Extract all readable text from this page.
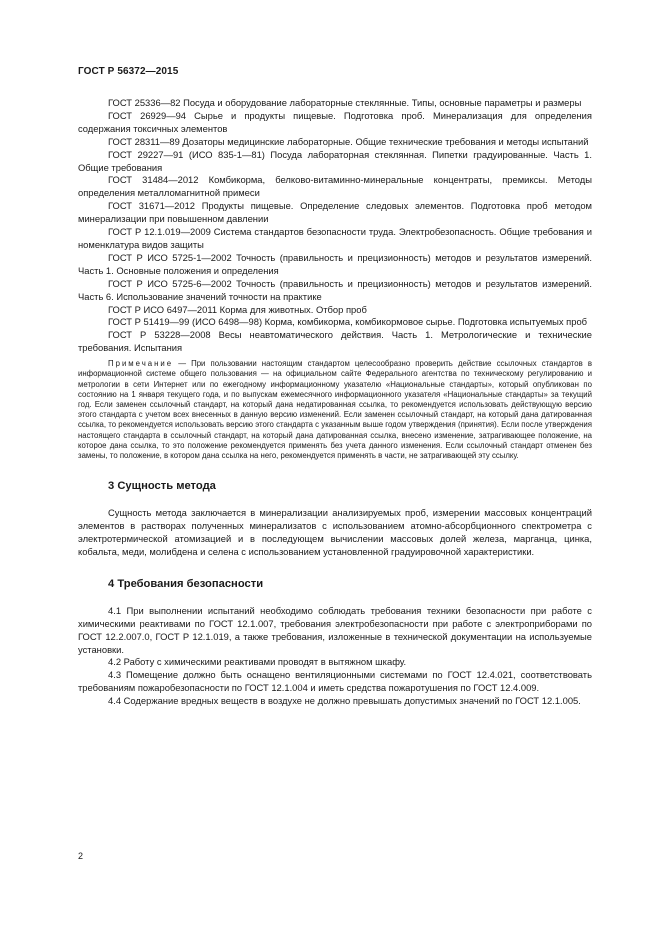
ГОСТ Р 56372—2015

ГОСТ 25336—82 Посуда и оборудование лабораторные стеклянные. Типы, основные параметры и размеры

ГОСТ 26929—94 Сырье и продукты пищевые. Подготовка проб. Минерализация для определения содержания токсичных элементов

ГОСТ 28311—89 Дозаторы медицинские лабораторные. Общие технические требования и методы испытаний

ГОСТ 29227—91 (ИСО 835-1—81) Посуда лабораторная стеклянная. Пипетки градуированные. Часть 1. Общие требования

ГОСТ 31484—2012 Комбикорма, белково-витаминно-минеральные концентраты, премиксы. Методы определения металломагнитной примеси

ГОСТ 31671—2012 Продукты пищевые. Определение следовых элементов. Подготовка проб методом минерализации при повышенном давлении

ГОСТ Р 12.1.019—2009 Система стандартов безопасности труда. Электробезопасность. Общие требования и номенклатура видов защиты

ГОСТ Р ИСО 5725-1—2002 Точность (правильность и прецизионность) методов и результатов измерений. Часть 1. Основные положения и определения

ГОСТ Р ИСО 5725-6—2002 Точность (правильность и прецизионность) методов и результатов измерений. Часть 6. Использование значений точности на практике

ГОСТ Р ИСО 6497—2011 Корма для животных. Отбор проб

ГОСТ Р 51419—99 (ИСО 6498—98) Корма, комбикорма, комбикормовое сырье. Подготовка испытуемых проб

ГОСТ Р 53228—2008 Весы неавтоматического действия. Часть 1. Метрологические и технические требования. Испытания

Примечание — При пользовании настоящим стандартом целесообразно проверить действие ссылочных стандартов в информационной системе общего пользования — на официальном сайте Федерального агентства по техническому регулированию и метрологии в сети Интернет или по ежегодному информационному указателю «Национальные стандарты», который опубликован по состоянию на 1 января текущего года, и по выпускам ежемесячного информационного указателя «Национальные стандарты» за текущий год. Если заменен ссылочный стандарт, на который дана недатированная ссылка, то рекомендуется использовать действующую версию этого стандарта с учетом всех внесенных в данную версию изменений. Если заменен ссылочный стандарт, на который дана датированная ссылка, то рекомендуется использовать версию этого стандарта с указанным выше годом утверждения (принятия). Если после утверждения настоящего стандарта в ссылочный стандарт, на который дана датированная ссылка, внесено изменение, затрагивающее положение, на которое дана ссылка, то это положение рекомендуется применять без учета данного изменения. Если ссылочный стандарт отменен без замены, то положение, в котором дана ссылка на него, рекомендуется применять в части, не затрагивающей эту ссылку.

3 Сущность метода

Сущность метода заключается в минерализации анализируемых проб, измерении массовых концентраций элементов в растворах полученных минерализатов с использованием атомно-абсорбционного спектрометра с электротермической атомизацией и в последующем вычислении массовых долей железа, марганца, цинка, кобальта, меди, молибдена и селена с использованием установленной градуировочной характеристики.

4 Требования безопасности

4.1 При выполнении испытаний необходимо соблюдать требования техники безопасности при работе с химическими реактивами по ГОСТ 12.1.007, требования электробезопасности при работе с электроприборами по ГОСТ 12.2.007.0, ГОСТ Р 12.1.019, а также требования, изложенные в технической документации на используемые установки.

4.2 Работу с химическими реактивами проводят в вытяжном шкафу.

4.3 Помещение должно быть оснащено вентиляционными системами по ГОСТ 12.4.021, соответствовать требованиям пожаробезопасности по ГОСТ 12.1.004 и иметь средства пожаротушения по ГОСТ 12.4.009.

4.4 Содержание вредных веществ в воздухе не должно превышать допустимых значений по ГОСТ 12.1.005.

2
